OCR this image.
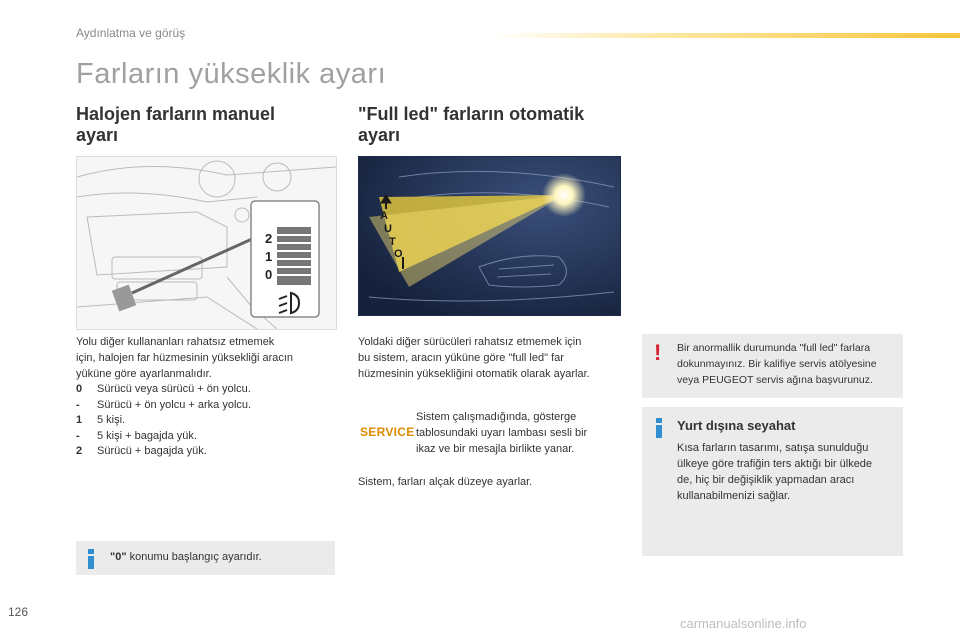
Aydınlatma ve görüş
Farların yükseklik ayarı
Halojen farların manuel
ayarı
2
1
0
Yolu diğer kullananları rahatsız etmemek
için, halojen far hüzmesinin yüksekliği aracın
yüküne göre ayarlanmalıdır.
0	Sürücü veya sürücü + ön yolcu.
-	Sürücü + ön yolcu + arka yolcu.
1	5 kişi.
-	5 kişi + bagajda yük.
2	Sürücü + bagajda yük.
"0" konumu başlangıç ayarıdır.
"Full led" farların otomatik
ayarı
A
U
T
O
Yoldaki diğer sürücüleri rahatsız etmemek için
bu sistem, aracın yüküne göre "full led" far
hüzmesinin yüksekliğini otomatik olarak ayarlar.
SERVICE
Sistem çalışmadığında, gösterge
tablosundaki uyarı lambası sesli bir
ikaz ve bir mesajla birlikte yanar.
Sistem, farları alçak düzeye ayarlar.
! Bir anormallik durumunda "full led" farlara
dokunmayınız. Bir kalifiye servis atölyesine
veya PEUGEOT servis ağına başvurunuz.
Yurt dışına seyahat
Kısa farların tasarımı, satışa sunulduğu
ülkeye göre trafiğin ters aktığı bir ülkede
de, hiç bir değişiklik yapmadan aracı
kullanabilmenizi sağlar.
126
carmanualsonline.info
